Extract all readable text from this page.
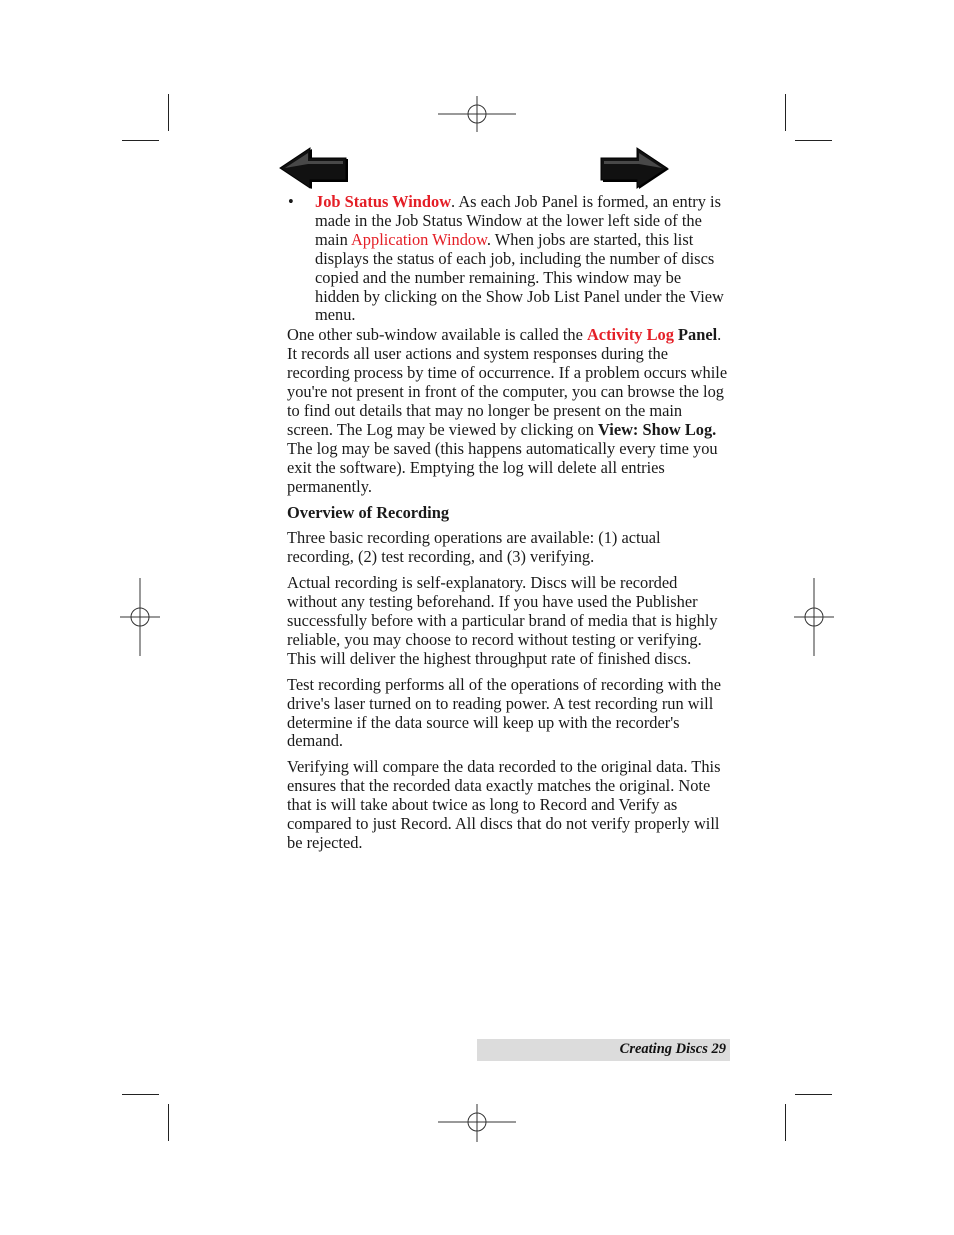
• Job Status Window. As each Job Panel is formed, an entry is made in the Job Status Window at the lower left side of the main Application Window. When jobs are started, this list displays the status of each job, including the number of discs copied and the number remaining. This window may be hidden by clicking on the Show Job List Panel under the View menu.

One other sub-window available is called the Activity Log Panel. It records all user actions and system responses during the recording process by time of occurrence. If a problem occurs while you're not present in front of the computer, you can browse the log to find out details that may no longer be present on the main screen. The Log may be viewed by clicking on View: Show Log. The log may be saved (this happens automatically every time you exit the software). Emptying the log will delete all entries permanently.

Overview of Recording

Three basic recording operations are available: (1) actual recording, (2) test recording, and (3) verifying.

Actual recording is self-explanatory. Discs will be recorded without any testing beforehand. If you have used the Publisher successfully before with a particular brand of media that is highly reliable, you may choose to record without testing or verifying. This will deliver the highest throughput rate of finished discs.

Test recording performs all of the operations of recording with the drive's laser turned on to reading power. A test recording run will determine if the data source will keep up with the recorder's demand.

Verifying will compare the data recorded to the original data. This ensures that the recorded data exactly matches the original. Note that is will take about twice as long to Record and Verify as compared to just Record. All discs that do not verify properly will be rejected.

Creating Discs 29
